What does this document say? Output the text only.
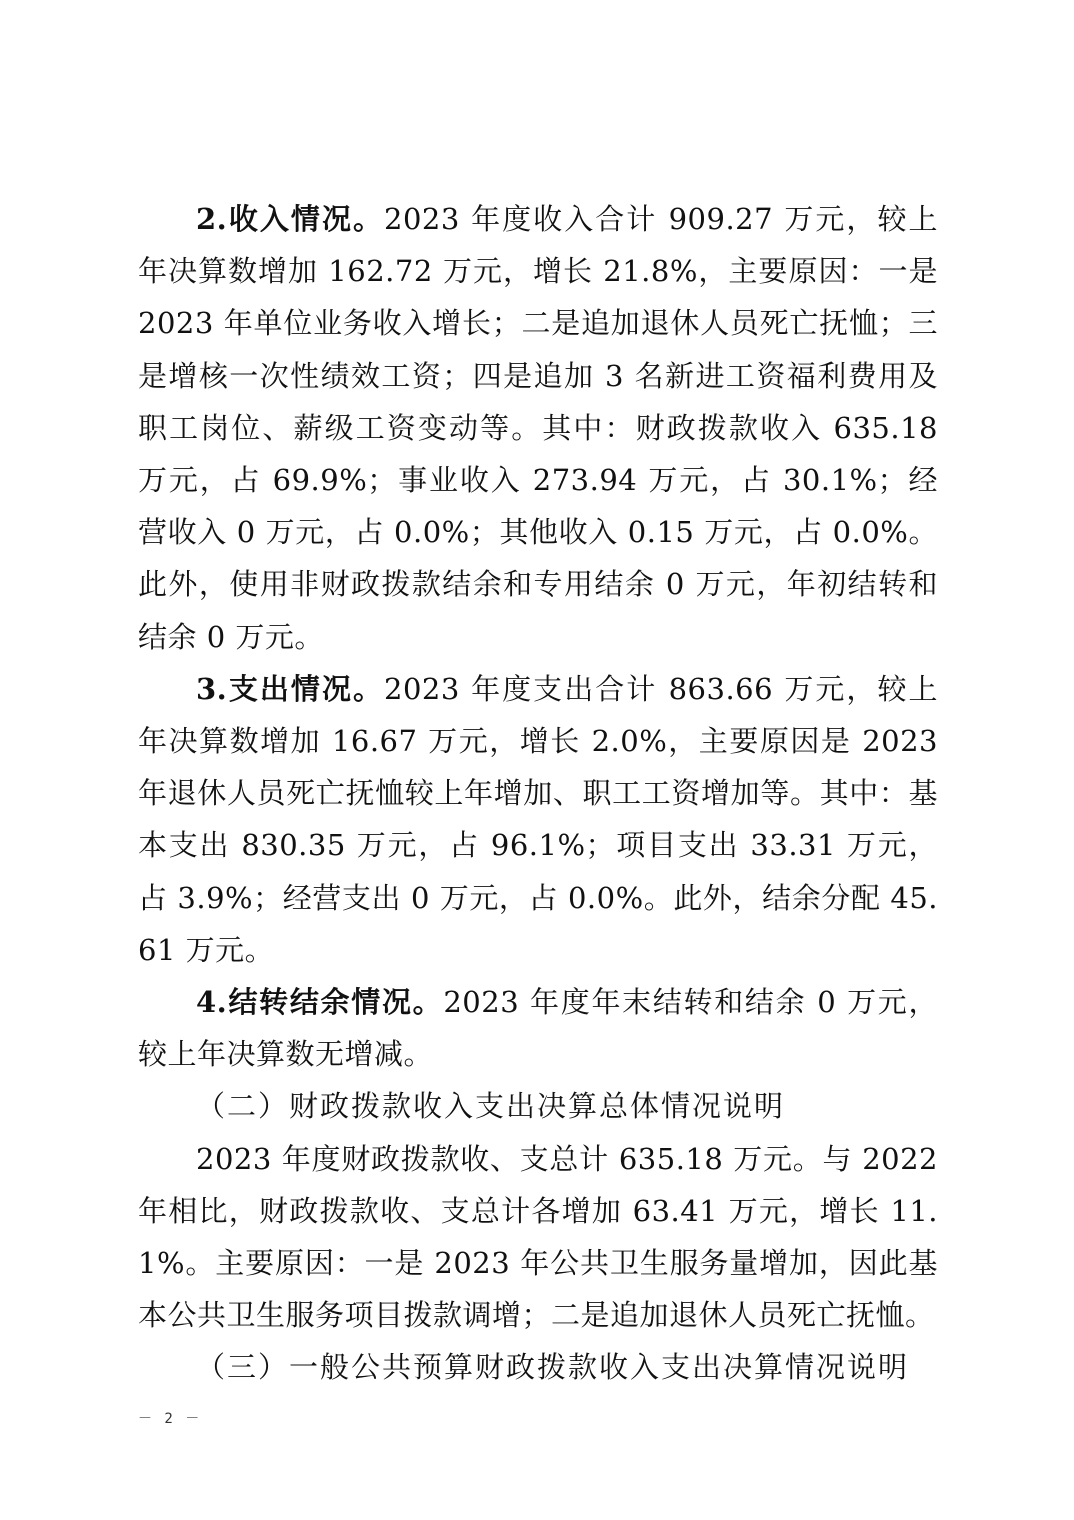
2.收入情况。2023 年度收入合计 909.27 万元，较上年决算数增加 162.72 万元，增长 21.8%，主要原因：一是 2023 年单位业务收入增长；二是追加退休人员死亡抚恤；三是增核一次性绩效工资；四是追加 3 名新进工资福利费用及职工岗位、薪级工资变动等。其中：财政拨款收入 635.18 万元，占 69.9%；事业收入 273.94 万元，占 30.1%；经营收入 0 万元，占 0.0%；其他收入 0.15 万元，占 0.0%。此外，使用非财政拨款结余和专用结余 0 万元，年初结转和结余 0 万元。

3.支出情况。2023 年度支出合计 863.66 万元，较上年决算数增加 16.67 万元，增长 2.0%，主要原因是 2023 年退休人员死亡抚恤较上年增加、职工工资增加等。其中：基本支出 830.35 万元，占 96.1%；项目支出 33.31 万元，占 3.9%；经营支出 0 万元，占 0.0%。此外，结余分配 45.61 万元。

4.结转结余情况。2023 年度年末结转和结余 0 万元，较上年决算数无增减。

（二）财政拨款收入支出决算总体情况说明

2023 年度财政拨款收、支总计 635.18 万元。与 2022 年相比，财政拨款收、支总计各增加 63.41 万元，增长 11.1%。主要原因：一是 2023 年公共卫生服务量增加，因此基本公共卫生服务项目拨款调增；二是追加退休人员死亡抚恤。

（三）一般公共预算财政拨款收入支出决算情况说明

－ 2 －
